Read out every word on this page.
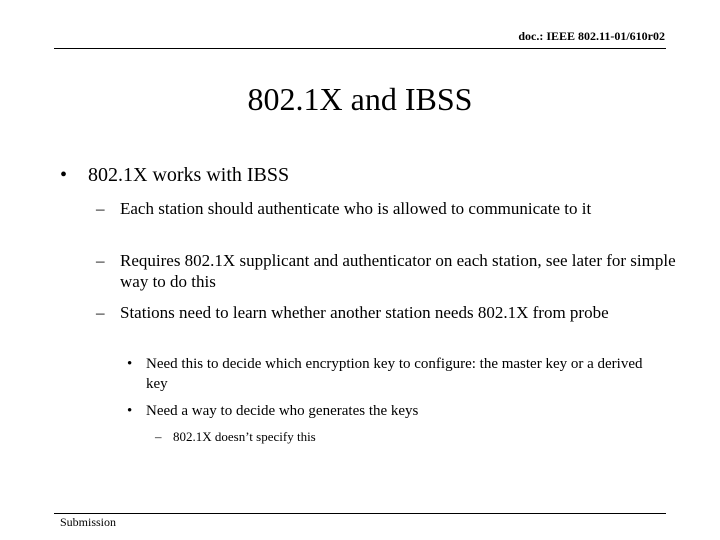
doc.: IEEE 802.11-01/610r02
802.1X and IBSS
• 802.1X works with IBSS
– Each station should authenticate who is allowed to communicate to it
– Requires 802.1X supplicant and authenticator on each station, see later for simple way to do this
– Stations need to learn whether another station needs 802.1X from probe
• Need this to decide which encryption key to configure: the master key or a derived key
• Need a way to decide who generates the keys
– 802.1X doesn’t specify this
Submission
